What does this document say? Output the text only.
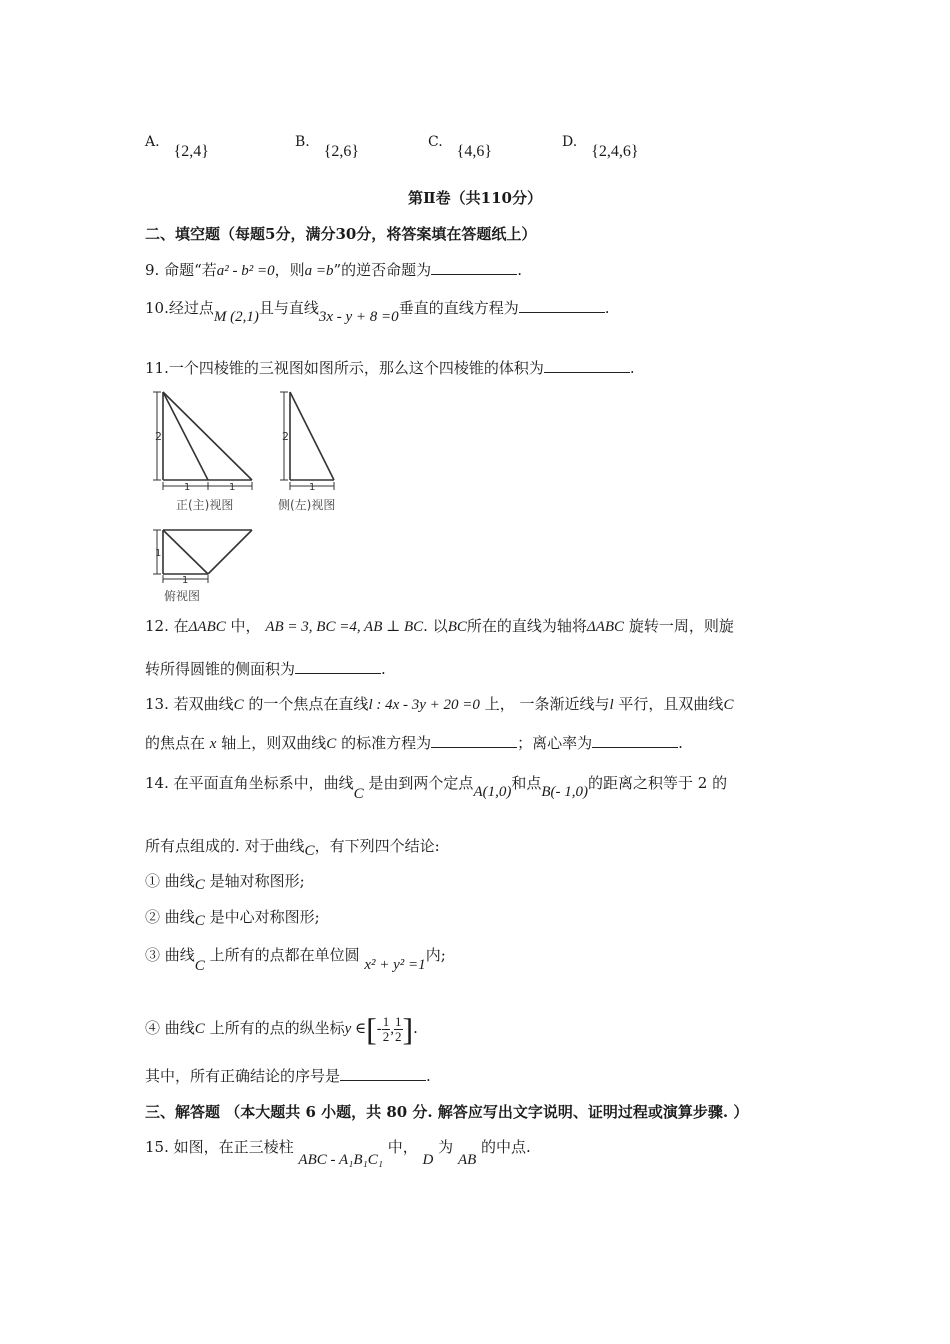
A.{2,4}
B.{2,6}
C.{4,6}
D.{2,4,6}
第Ⅱ卷（共110分）
二、填空题（每题5分，满分30分，将答案填在答题纸上）
9. 命题“若a² - b² =0，则a =b”的逆否命题为	.
10.经过点M (2,1)且与直线3x - y + 8 =0垂直的直线方程为	.
11.一个四棱锥的三视图如图所示，那么这个四棱锥的体积为	.
2
1	1
2
1
1
1
正(主)视图	侧(左)视图
俯视图
12. 在ΔABC 中， AB = 3, BC =4, AB ⊥ BC. 以BC所在的直线为轴将ΔABC 旋转一周，则旋
转所得圆锥的侧面积为	.
13. 若双曲线C 的一个焦点在直线l : 4x - 3y + 20 =0 上， 一条渐近线与l 平行，且双曲线C
的焦点在 x 轴上，则双曲线C 的标准方程为	；离心率为	.
14. 在平面直角坐标系中，曲线C 是由到两个定点A(1,0)和点B(- 1,0)的距离之积等于 2 的
所有点组成的. 对于曲线C，有下列四个结论:
① 曲线C 是轴对称图形;
② 曲线C 是中心对称图形;
③ 曲线C 上所有的点都在单位圆 x² + y² =1内;
④ 曲线C 上所有的点的纵坐标y ∈[- $\frac{1}{2}$ , $\frac{1}{2}$ ].
其中，所有正确结论的序号是	.
三、解答题 （本大题共 6 小题，共 80 分. 解答应写出文字说明、证明过程或演算步骤. ）
15. 如图，在正三棱柱 ABC - A₁B₁C₁ 中， D 为 AB 的中点.
